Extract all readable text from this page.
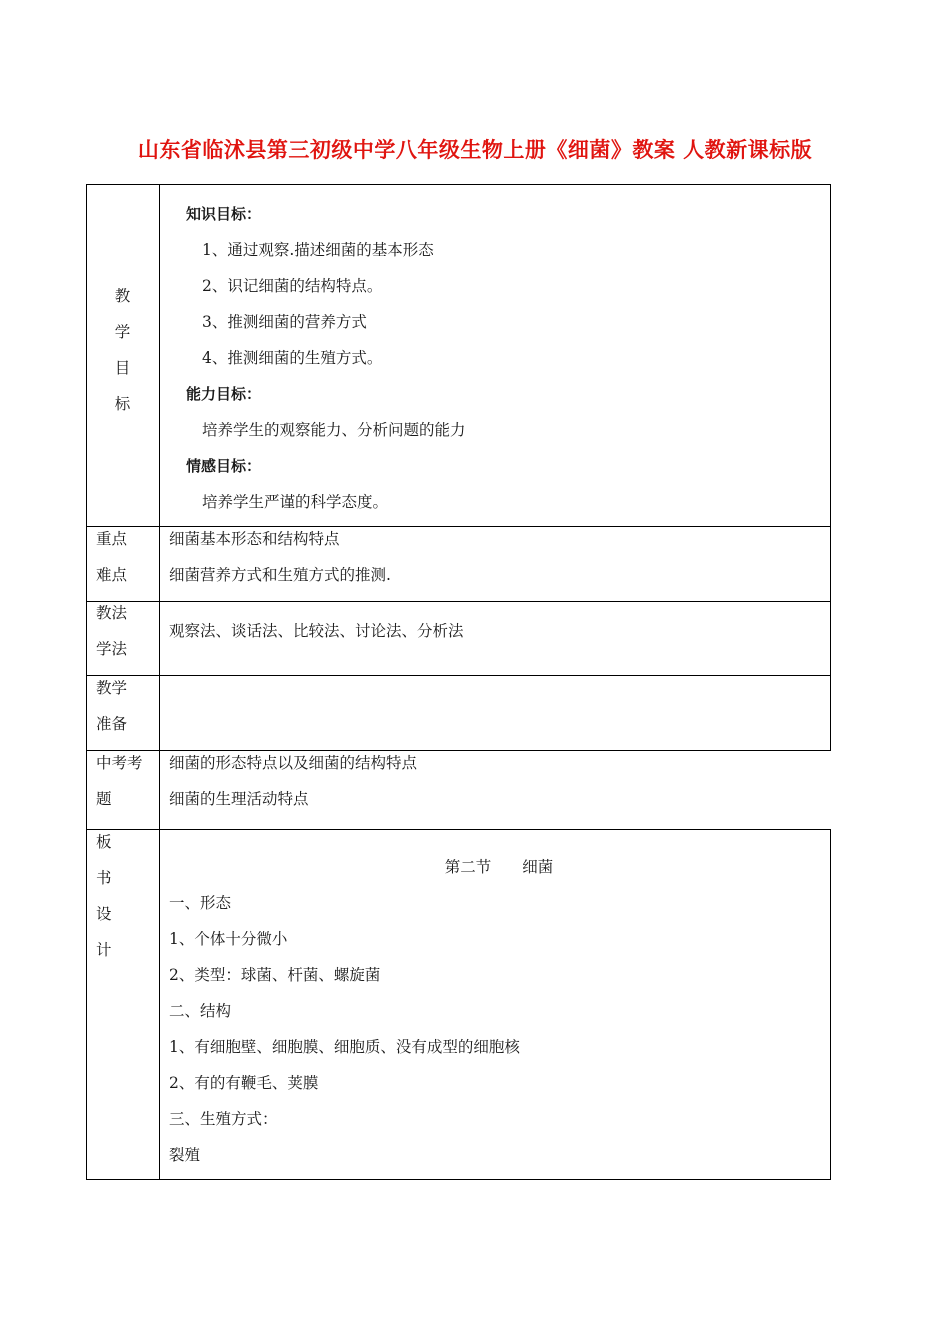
山东省临沭县第三初级中学八年级生物上册《细菌》教案 人教新课标版
教
学
目
标

知识目标：

1、通过观察.描述细菌的基本形态

2、识记细菌的结构特点。

3、推测细菌的营养方式

4、推测细菌的生殖方式。

能力目标：

培养学生的观察能力、分析问题的能力

情感目标：

培养学生严谨的科学态度。

重点
难点

细菌基本形态和结构特点

细菌营养方式和生殖方式的推测.

教法
学法

观察法、谈话法、比较法、讨论法、分析法

教学
准备
中考考
题

细菌的形态特点以及细菌的结构特点

细菌的生理活动特点

板
书
设
计

第二节　　细菌

一、形态

1、个体十分微小

2、类型：球菌、杆菌、螺旋菌

二、结构

1、有细胞壁、细胞膜、细胞质、没有成型的细胞核

2、有的有鞭毛、荚膜

三、生殖方式：

裂殖
